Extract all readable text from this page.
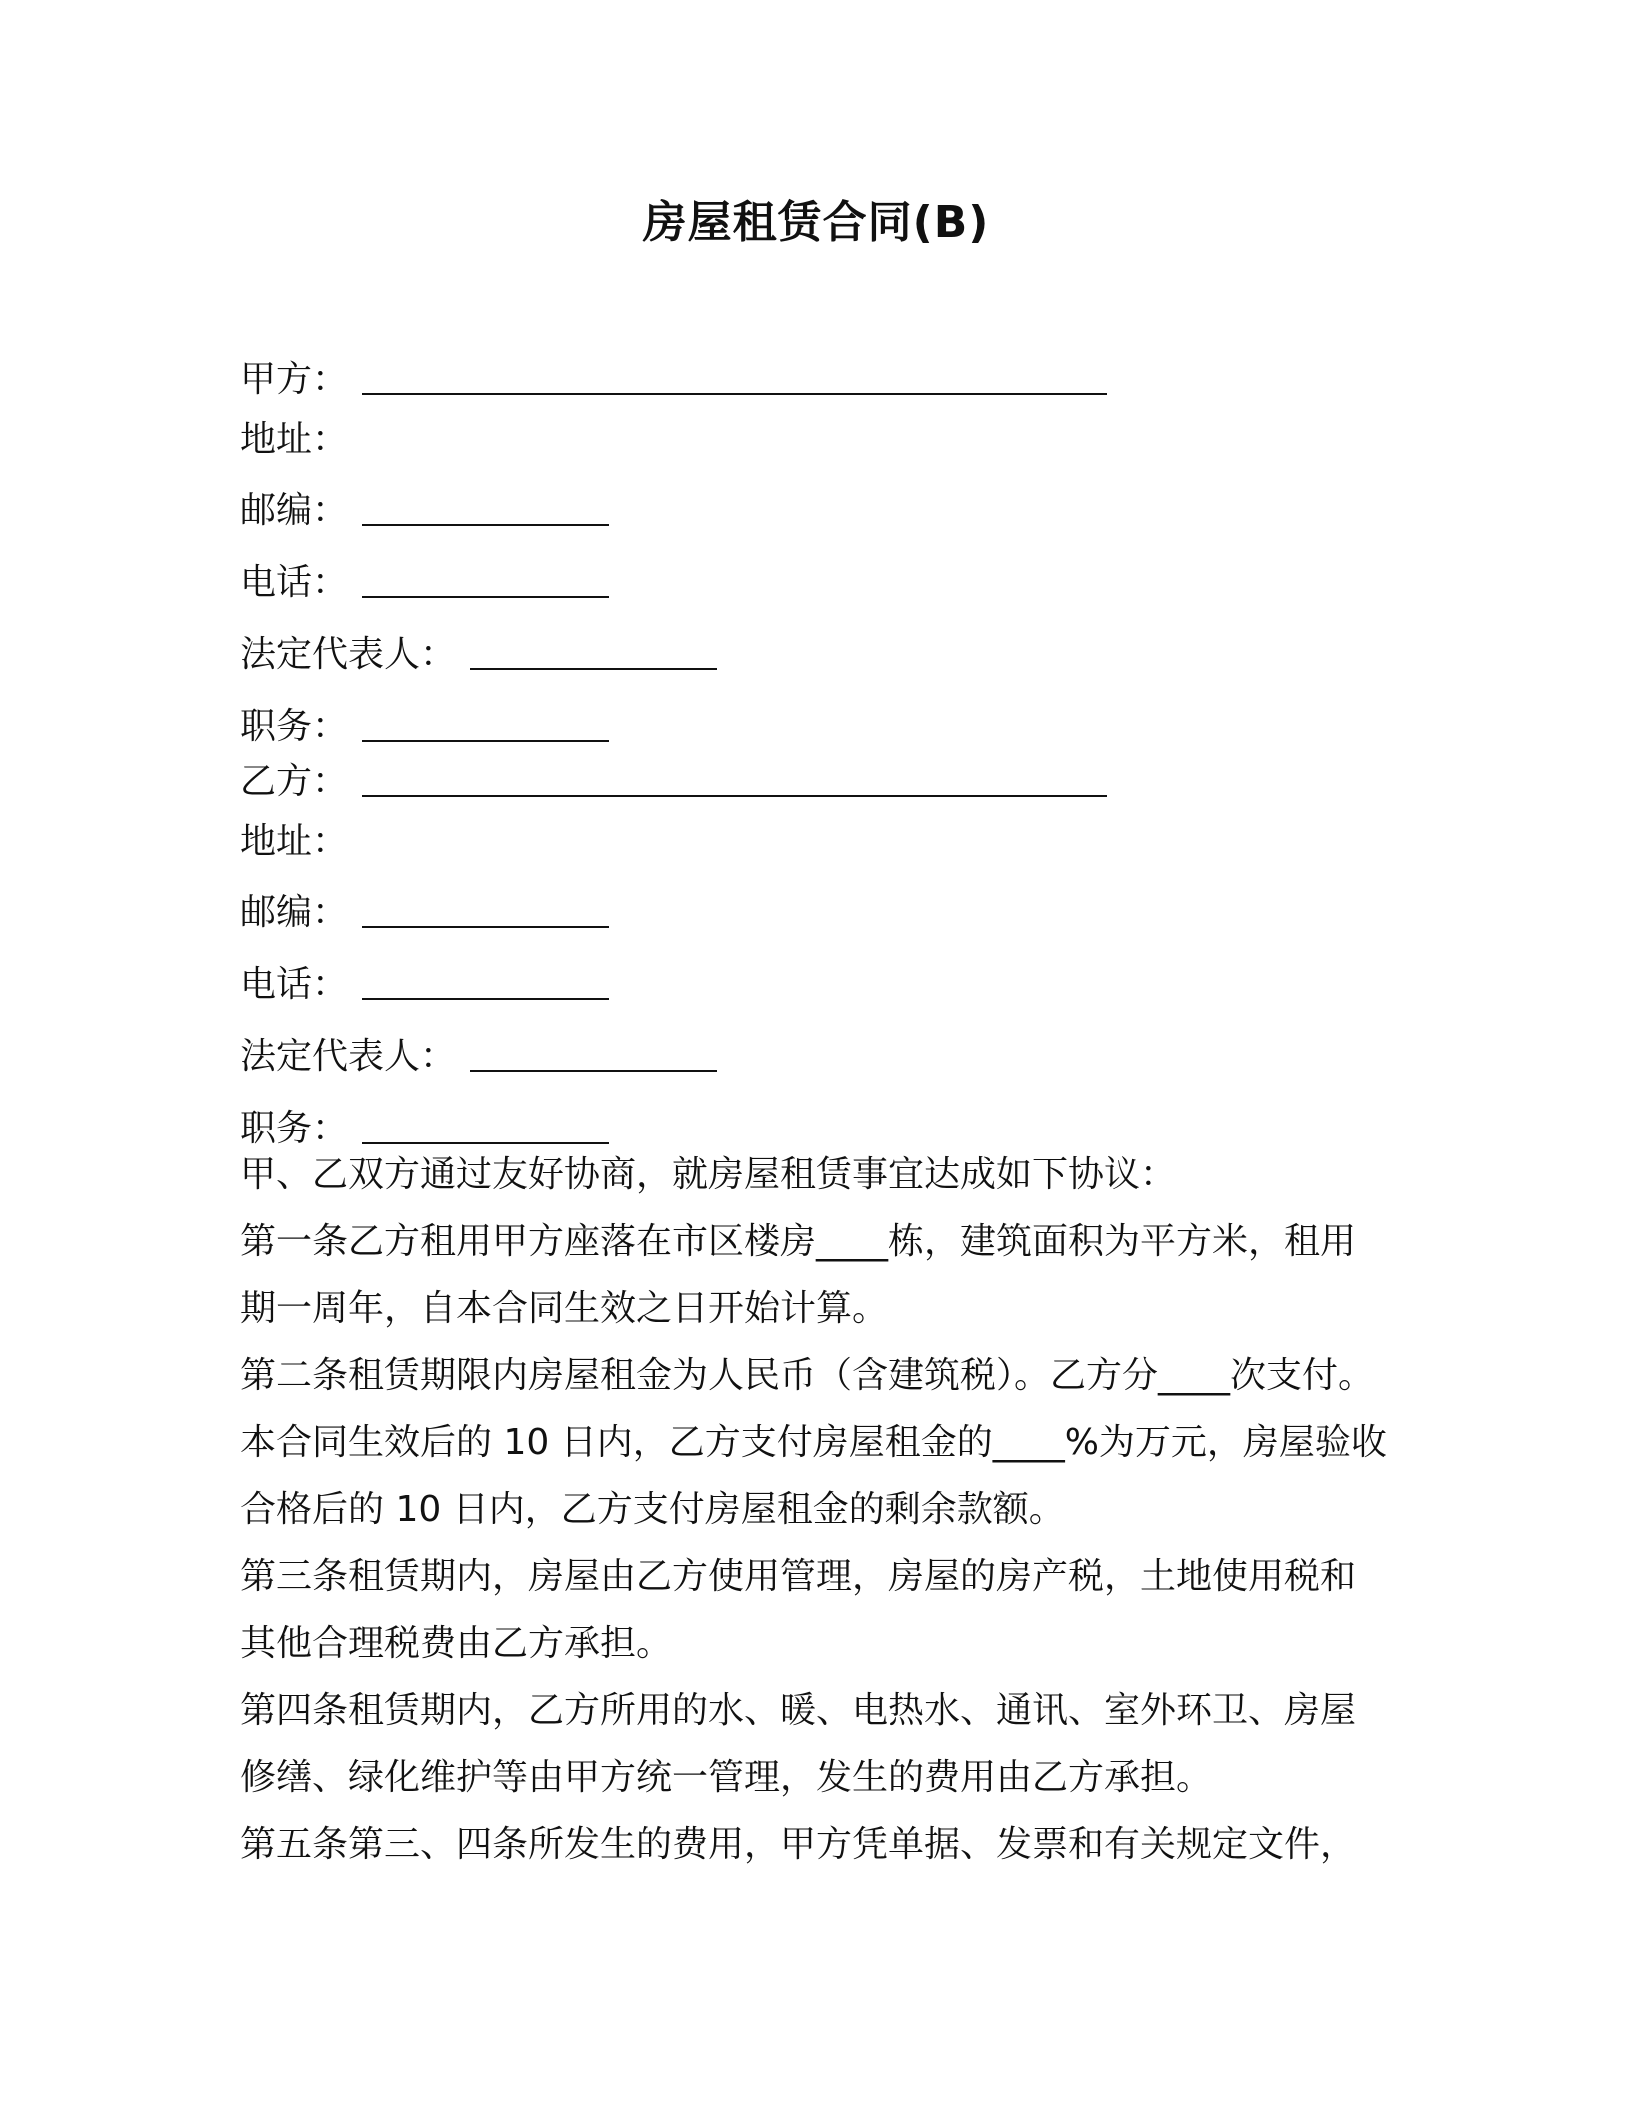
房屋租赁合同(B)
甲方：
地址：
邮编：
电话：
法定代表人：
职务：
乙方：
地址：
邮编：
电话：
法定代表人：
职务：

甲、乙双方通过友好协商，就房屋租赁事宜达成如下协议：

第一条乙方租用甲方座落在市区楼房____栋，建筑面积为平方米，租用期一周年，自本合同生效之日开始计算。

第二条租赁期限内房屋租金为人民币（含建筑税）。乙方分____次支付。本合同生效后的 10 日内，乙方支付房屋租金的____%为万元，房屋验收合格后的 10 日内，乙方支付房屋租金的剩余款额。

第三条租赁期内，房屋由乙方使用管理，房屋的房产税，土地使用税和其他合理税费由乙方承担。

第四条租赁期内，乙方所用的水、暖、电热水、通讯、室外环卫、房屋修缮、绿化维护等由甲方统一管理，发生的费用由乙方承担。

第五条第三、四条所发生的费用，甲方凭单据、发票和有关规定文件，
